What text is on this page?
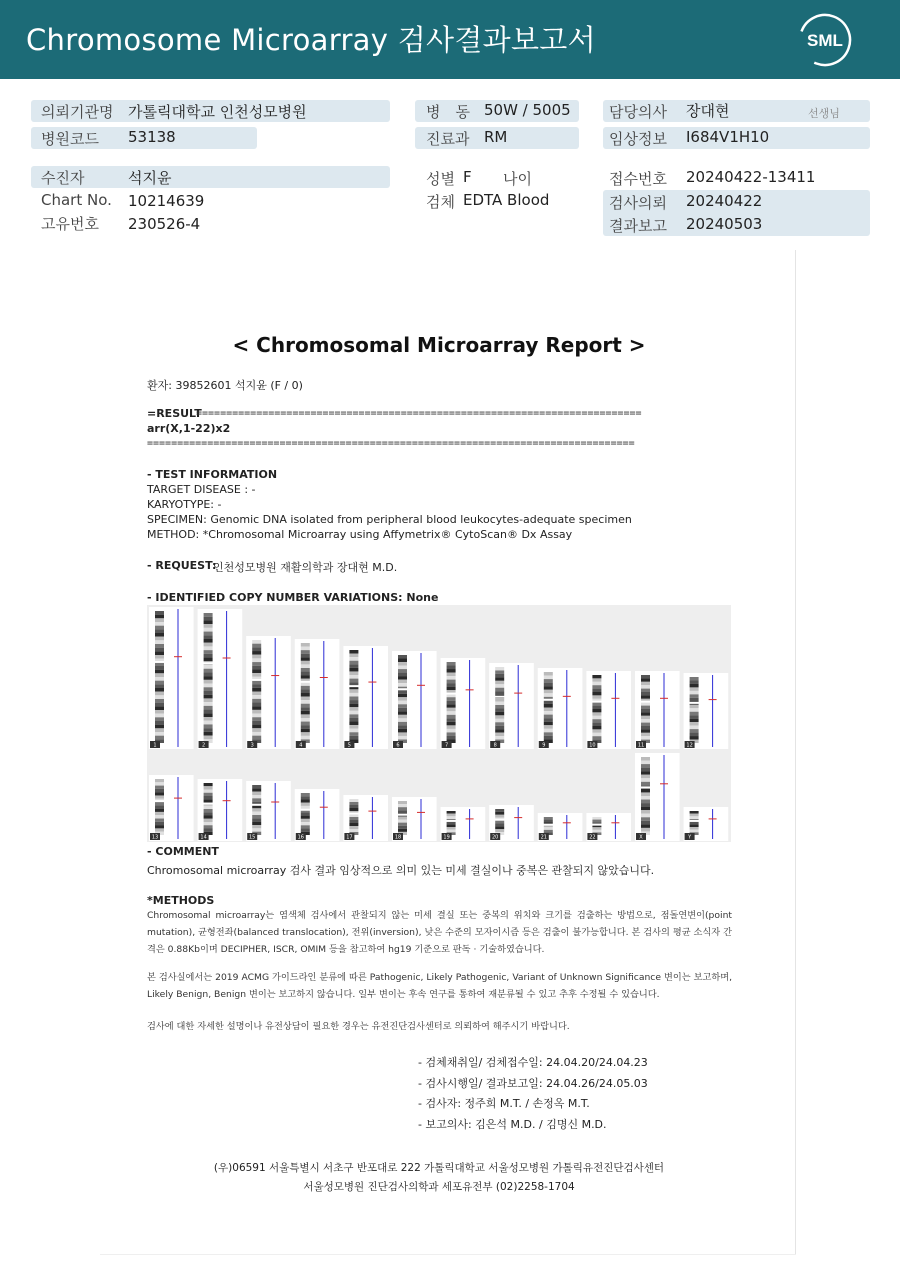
Chromosome Microarray 검사결과보고서	SML
의뢰기관명 가톨릭대학교 인천성모병원
병원코드 53138
병　동 50W / 5005
진료과 RM
담당의사 장대현	선생님
임상정보 I684V1H10
수진자	석지윤
Chart No. 10214639
고유번호 230526-4
성별 F 나이
검체 EDTA Blood
접수번호 20240422-13411
검사의뢰 20240422
결과보고 20240503
< Chromosomal Microarray Report >
환자: 39852601 석지윤 (F / 0)
=RESULT
==========================================================================
arr(X,1-22)x2
=================================================================================
- TEST INFORMATION
TARGET DISEASE : -
KARYOTYPE: -
SPECIMEN: Genomic DNA isolated from peripheral blood leukocytes-adequate specimen
METHOD: *Chromosomal Microarray using Affymetrix® CytoScan® Dx Assay
- REQUEST:
인천성모병원 재활의학과 장대현 M.D.
- IDENTIFIED COPY NUMBER VARIATIONS: None
1	2	3	4	5	6	7	8	9	10	11	12
13	14	15	16	17	18	19	20	21	22	X	Y
- COMMENT
Chromosomal microarray 검사 결과 임상적으로 의미 있는 미세 결실이나 중복은 관찰되지 않았습니다.
*METHODS
Chromosomal microarray는 염색체 검사에서 관찰되지 않는 미세 결실 또는 중복의 위치와 크기를 검출하는 방법으로, 점돌연변이(point mutation), 균형전좌(balanced translocation), 전위(inversion), 낮은 수준의 모자이시즘 등은 검출이 불가능합니다. 본 검사의 평균 소식자 간격은 0.88Kb이며 DECIPHER, ISCR, OMIM 등을 참고하여 hg19 기준으로 판독 · 기술하였습니다.
본 검사실에서는 2019 ACMG 가이드라인 분류에 따른 Pathogenic, Likely Pathogenic, Variant of Unknown Significance 변이는 보고하며, Likely Benign, Benign 변이는 보고하지 않습니다. 일부 변이는 후속 연구를 통하여 재분류될 수 있고 추후 수정될 수 있습니다.
검사에 대한 자세한 설명이나 유전상담이 필요한 경우는 유전진단검사센터로 의뢰하여 해주시기 바랍니다.
- 검체채취일/ 검체접수일: 24.04.20/24.04.23
- 검사시행일/ 결과보고일: 24.04.26/24.05.03
- 검사자: 정주희 M.T. / 손정옥 M.T.
- 보고의사: 김은석 M.D. / 김명신 M.D.
(우)06591 서울특별시 서초구 반포대로 222 가톨릭대학교 서울성모병원 가톨릭유전진단검사센터
서울성모병원 진단검사의학과 세포유전부 (02)2258-1704
